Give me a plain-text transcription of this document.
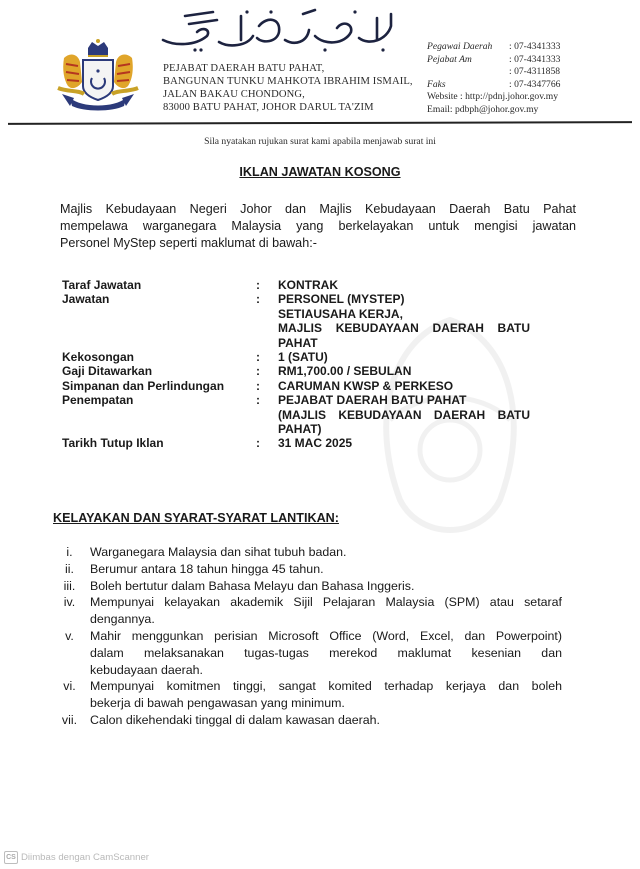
PEJABAT DAERAH BATU PAHAT,
BANGUNAN TUNKU MAHKOTA IBRAHIM ISMAIL,
JALAN BAKAU CHONDONG,
83000 BATU PAHAT, JOHOR DARUL TA'ZIM
Pegawai Daerah	: 07-4341333
Pejabat Am	: 07-4341333
: 07-4311858
Faks	: 07-4347766
Website : http://pdnj.johor.gov.my
Email: pdbph@johor.gov.my
Sila nyatakan rujukan surat kami apabila menjawab surat ini
IKLAN JAWATAN KOSONG
Majlis Kebudayaan Negeri Johor dan Majlis Kebudayaan Daerah Batu Pahat
mempelawa warganegara Malaysia yang berkelayakan untuk mengisi jawatan
Personel MyStep seperti maklumat di bawah:-
Taraf Jawatan	:	KONTRAK
Jawatan	:	PERSONEL (MYSTEP)
SETIAUSAHA KERJA,
MAJLIS KEBUDAYAAN DAERAH BATU
PAHAT
Kekosongan	:	1 (SATU)
Gaji Ditawarkan	:	RM1,700.00 / SEBULAN
Simpanan dan Perlindungan	:	CARUMAN KWSP & PERKESO
Penempatan	:	PEJABAT DAERAH BATU PAHAT
(MAJLIS KEBUDAYAAN DAERAH BATU
PAHAT)
Tarikh Tutup Iklan	:	31 MAC 2025
KELAYAKAN DAN SYARAT-SYARAT LANTIKAN:
i.	Warganegara Malaysia dan sihat tubuh badan.
ii.	Berumur antara 18 tahun hingga 45 tahun.
iii.	Boleh bertutur dalam Bahasa Melayu dan Bahasa Inggeris.
iv.	Mempunyai kelayakan akademik Sijil Pelajaran Malaysia (SPM) atau setaraf
dengannya.
v.	Mahir menggunkan perisian Microsoft Office (Word, Excel, dan Powerpoint)
dalam melaksanakan tugas-tugas merekod maklumat kesenian dan
kebudayaan daerah.
vi.	Mempunyai komitmen tinggi, sangat komited terhadap kerjaya dan boleh
bekerja di bawah pengawasan yang minimum.
vii.	Calon dikehendaki tinggal di dalam kawasan daerah.
CS Diimbas dengan CamScanner
